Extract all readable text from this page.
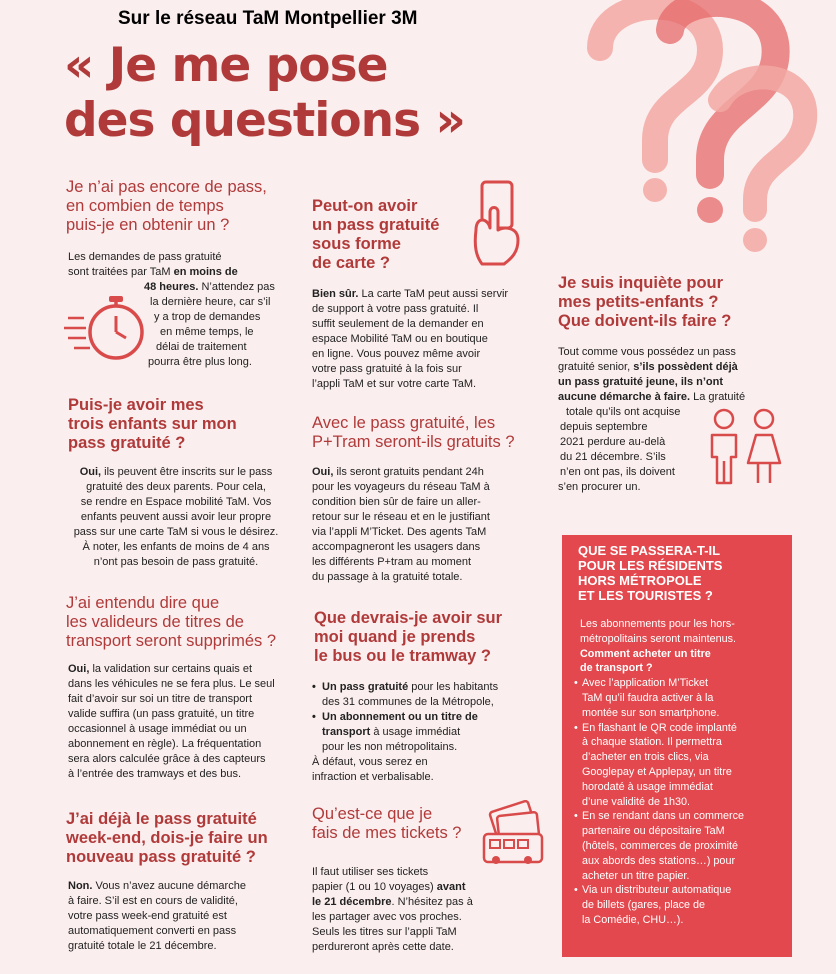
Sur le réseau TaM Montpellier 3M
« Je me pose
des questions »
Je n’ai pas encore de pass,
en combien de temps
puis-je en obtenir un ?
Les demandes de pass gratuité
sont traitées par TaM en moins de
48 heures. N’attendez pas
la dernière heure, car s’il
y a trop de demandes
en même temps, le
délai de traitement
pourra être plus long.
Puis-je avoir mes
trois enfants sur mon
pass gratuité ?
Oui, ils peuvent être inscrits sur le pass
gratuité des deux parents. Pour cela,
se rendre en Espace mobilité TaM. Vos
enfants peuvent aussi avoir leur propre
pass sur une carte TaM si vous le désirez.
À noter, les enfants de moins de 4 ans
n’ont pas besoin de pass gratuité.
J’ai entendu dire que
les valideurs de titres de
transport seront supprimés ?
Oui, la validation sur certains quais et
dans les véhicules ne se fera plus. Le seul
fait d’avoir sur soi un titre de transport
valide suffira (un pass gratuité, un titre
occasionnel à usage immédiat ou un
abonnement en règle). La fréquentation
sera alors calculée grâce à des capteurs
à l’entrée des tramways et des bus.
J’ai déjà le pass gratuité
week-end, dois-je faire un
nouveau pass gratuité ?
Non. Vous n’avez aucune démarche
à faire. S’il est en cours de validité,
votre pass week-end gratuité est
automatiquement converti en pass
gratuité totale le 21 décembre.
Peut-on avoir
un pass gratuité
sous forme
de carte ?
Bien sûr. La carte TaM peut aussi servir
de support à votre pass gratuité. Il
suffit seulement de la demander en
espace Mobilité TaM ou en boutique
en ligne. Vous pouvez même avoir
votre pass gratuité à la fois sur
l’appli TaM et sur votre carte TaM.
Avec le pass gratuité, les
P+Tram seront-ils gratuits ?
Oui, ils seront gratuits pendant 24h
pour les voyageurs du réseau TaM à
condition bien sûr de faire un aller-
retour sur le réseau et en le justifiant
via l’appli M’Ticket. Des agents TaM
accompagneront les usagers dans
les différents P+tram au moment
du passage à la gratuité totale.
Que devrais-je avoir sur
moi quand je prends
le bus ou le tramway ?
• Un pass gratuité pour les habitants
des 31 communes de la Métropole,
• Un abonnement ou un titre de
transport à usage immédiat
pour les non métropolitains.
À défaut, vous serez en
infraction et verbalisable.
Qu’est-ce que je
fais de mes tickets ?
Il faut utiliser ses tickets
papier (1 ou 10 voyages) avant
le 21 décembre. N’hésitez pas à
les partager avec vos proches.
Seuls les titres sur l’appli TaM
perdureront après cette date.
Je suis inquiète pour
mes petits-enfants ?
Que doivent-ils faire ?
Tout comme vous possédez un pass
gratuité senior, s’ils possèdent déjà
un pass gratuité jeune, ils n’ont
aucune démarche à faire. La gratuité
totale qu’ils ont acquise
depuis septembre
2021 perdure au-delà
du 21 décembre. S’ils
n’en ont pas, ils doivent
s’en procurer un.
QUE SE PASSERA-T-IL
POUR LES RÉSIDENTS
HORS MÉTROPOLE
ET LES TOURISTES ?
Les abonnements pour les hors-
métropolitains seront maintenus.
Comment acheter un titre
de transport ?
• Avec l’application M’Ticket
TaM qu’il faudra activer à la
montée sur son smartphone.
• En flashant le QR code implanté
à chaque station. Il permettra
d’acheter en trois clics, via
Googlepay et Applepay, un titre
horodaté à usage immédiat
d’une validité de 1h30.
• En se rendant dans un commerce
partenaire ou dépositaire TaM
(hôtels, commerces de proximité
aux abords des stations…) pour
acheter un titre papier.
• Via un distributeur automatique
de billets (gares, place de
la Comédie, CHU…).
